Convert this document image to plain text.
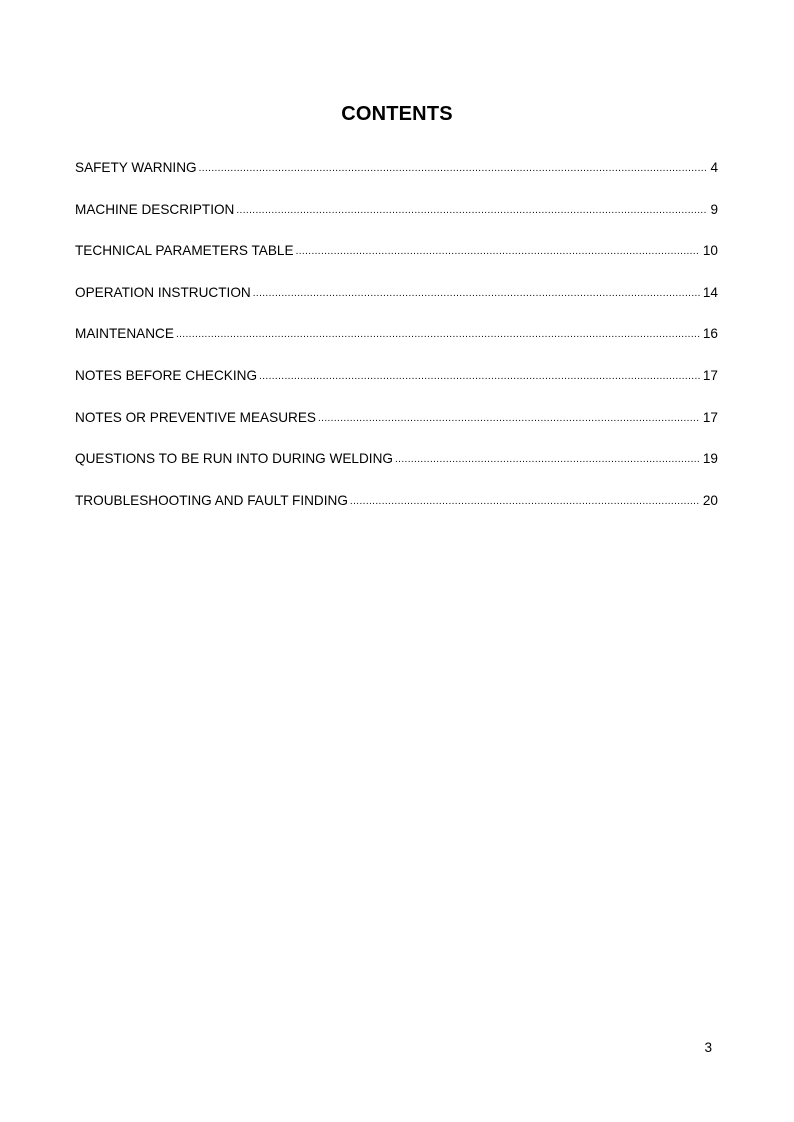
CONTENTS
SAFETY WARNING .....	4
MACHINE DESCRIPTION .....	9
TECHNICAL PARAMETERS TABLE .....	10
OPERATION INSTRUCTION .....	14
MAINTENANCE .....	16
NOTES BEFORE CHECKING .....	17
NOTES OR PREVENTIVE MEASURES .....	17
QUESTIONS TO BE RUN INTO DURING WELDING .....	19
TROUBLESHOOTING AND FAULT FINDING .....	20
3
